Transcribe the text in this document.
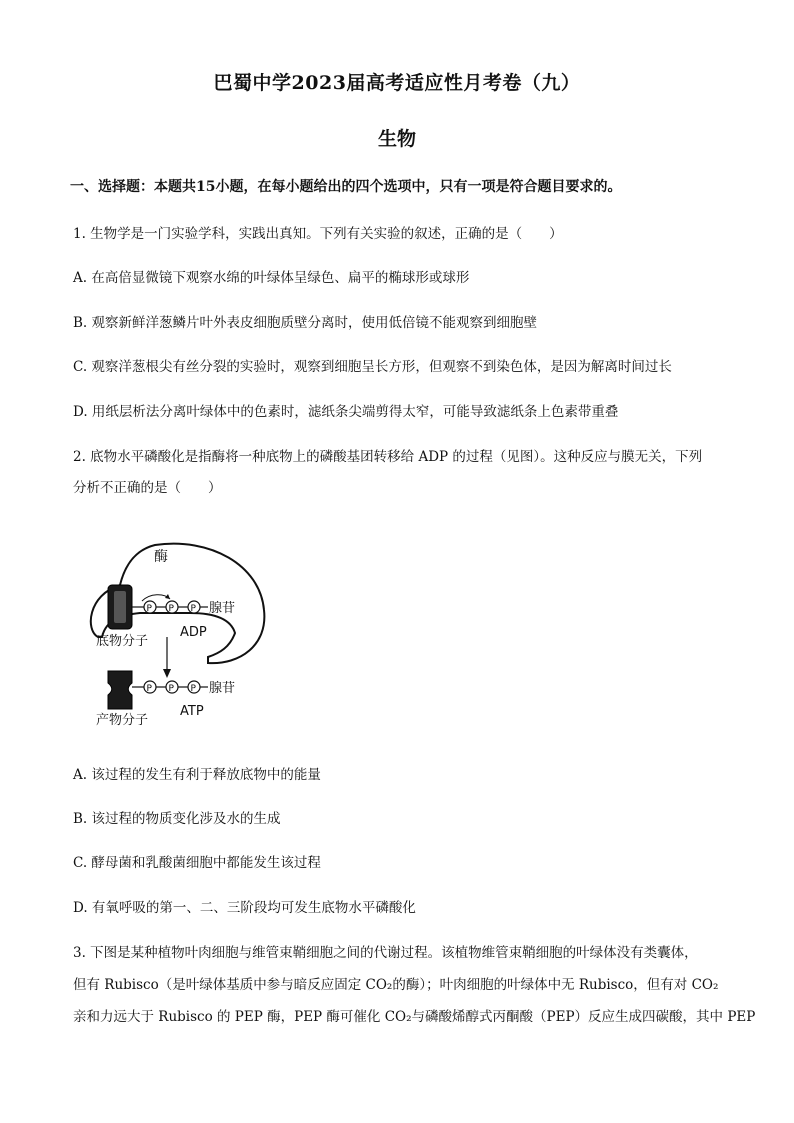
巴蜀中学2023届高考适应性月考卷（九）
生物
一、选择题：本题共15小题，在每小题给出的四个选项中，只有一项是符合题目要求的。
1. 生物学是一门实验学科，实践出真知。下列有关实验的叙述，正确的是（　　）
A. 在高倍显微镜下观察水绵的叶绿体呈绿色、扁平的椭球形或球形
B. 观察新鲜洋葱鳞片叶外表皮细胞质壁分离时，使用低倍镜不能观察到细胞壁
C. 观察洋葱根尖有丝分裂的实验时，观察到细胞呈长方形，但观察不到染色体，是因为解离时间过长
D. 用纸层析法分离叶绿体中的色素时，滤纸条尖端剪得太窄，可能导致滤纸条上色素带重叠
2. 底物水平磷酸化是指酶将一种底物上的磷酸基团转移给 ADP 的过程（见图）。这种反应与膜无关，下列
分析不正确的是（　　）
酶
P P P 腺苷
底物分子
ADP
P P P 腺苷
产物分子
ATP
A. 该过程的发生有利于释放底物中的能量
B. 该过程的物质变化涉及水的生成
C. 酵母菌和乳酸菌细胞中都能发生该过程
D. 有氧呼吸的第一、二、三阶段均可发生底物水平磷酸化
3. 下图是某种植物叶肉细胞与维管束鞘细胞之间的代谢过程。该植物维管束鞘细胞的叶绿体没有类囊体，
但有 Rubisco（是叶绿体基质中参与暗反应固定 CO₂的酶）；叶肉细胞的叶绿体中无 Rubisco，但有对 CO₂
亲和力远大于 Rubisco 的 PEP 酶，PEP 酶可催化 CO₂与磷酸烯醇式丙酮酸（PEP）反应生成四碳酸，其中 PEP
